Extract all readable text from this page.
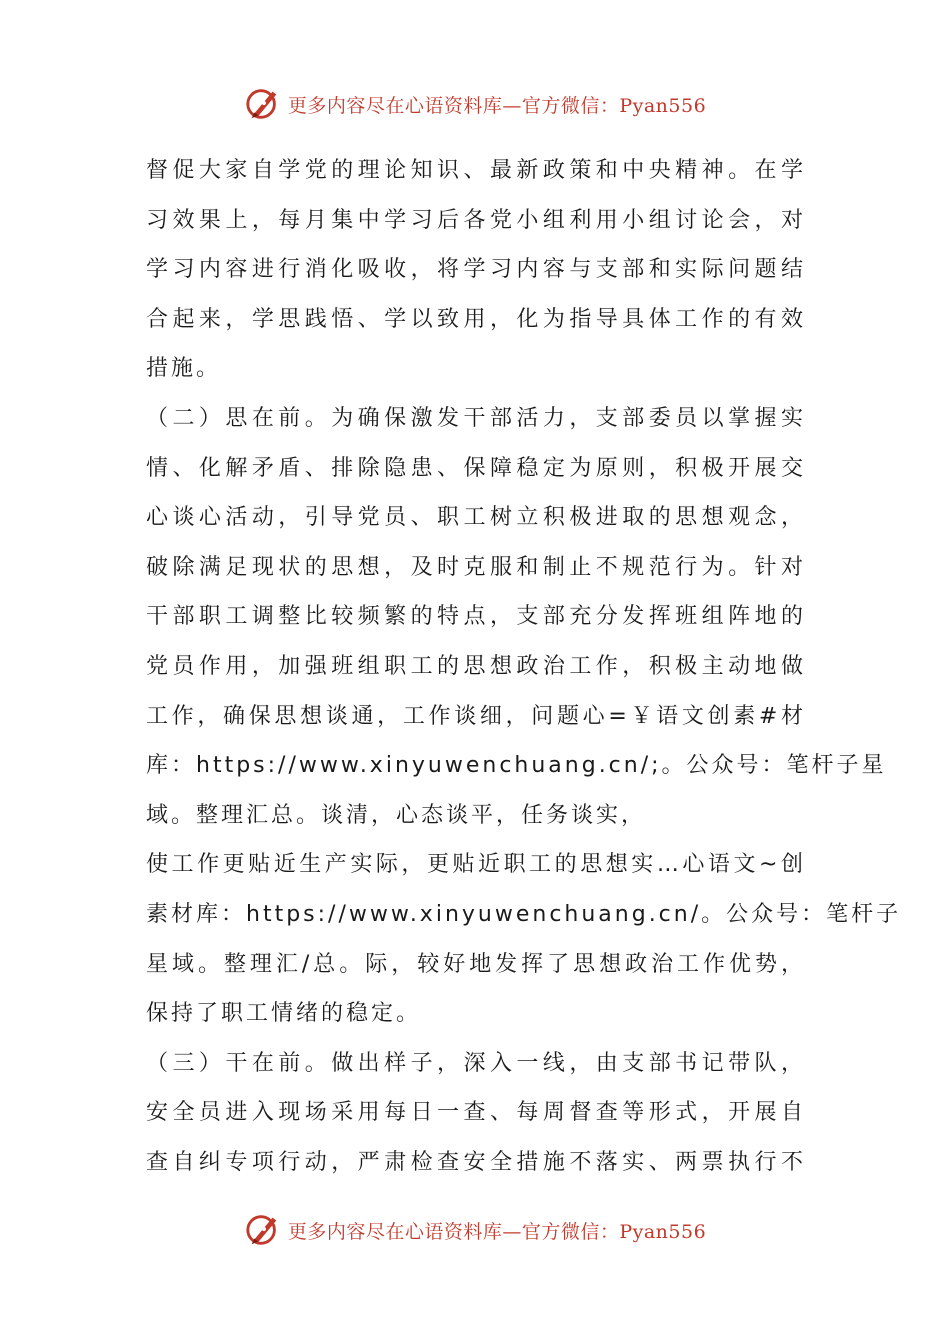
更多内容尽在心语资料库—官方微信：Pyan556
督促大家自学党的理论知识、最新政策和中央精神。在学
习效果上，每月集中学习后各党小组利用小组讨论会，对
学习内容进行消化吸收，将学习内容与支部和实际问题结
合起来，学思践悟、学以致用，化为指导具体工作的有效
措施。
（二）思在前。为确保激发干部活力，支部委员以掌握实
情、化解矛盾、排除隐患、保障稳定为原则，积极开展交
心谈心活动，引导党员、职工树立积极进取的思想观念，
破除满足现状的思想，及时克服和制止不规范行为。针对
干部职工调整比较频繁的特点，支部充分发挥班组阵地的
党员作用，加强班组职工的思想政治工作，积极主动地做
工作，确保思想谈通，工作谈细，问题心=￥语文创素#材
库：https://www.xinyuwenchuang.cn/;。公众号：笔杆子星
域。整理汇总。谈清，心态谈平，任务谈实，
使工作更贴近生产实际，更贴近职工的思想实…心语文~创
素材库：https://www.xinyuwenchuang.cn/。公众号：笔杆子
星域。整理汇/总。际，较好地发挥了思想政治工作优势，
保持了职工情绪的稳定。
（三）干在前。做出样子，深入一线，由支部书记带队，
安全员进入现场采用每日一查、每周督查等形式，开展自
查自纠专项行动，严肃检查安全措施不落实、两票执行不
更多内容尽在心语资料库—官方微信：Pyan556
